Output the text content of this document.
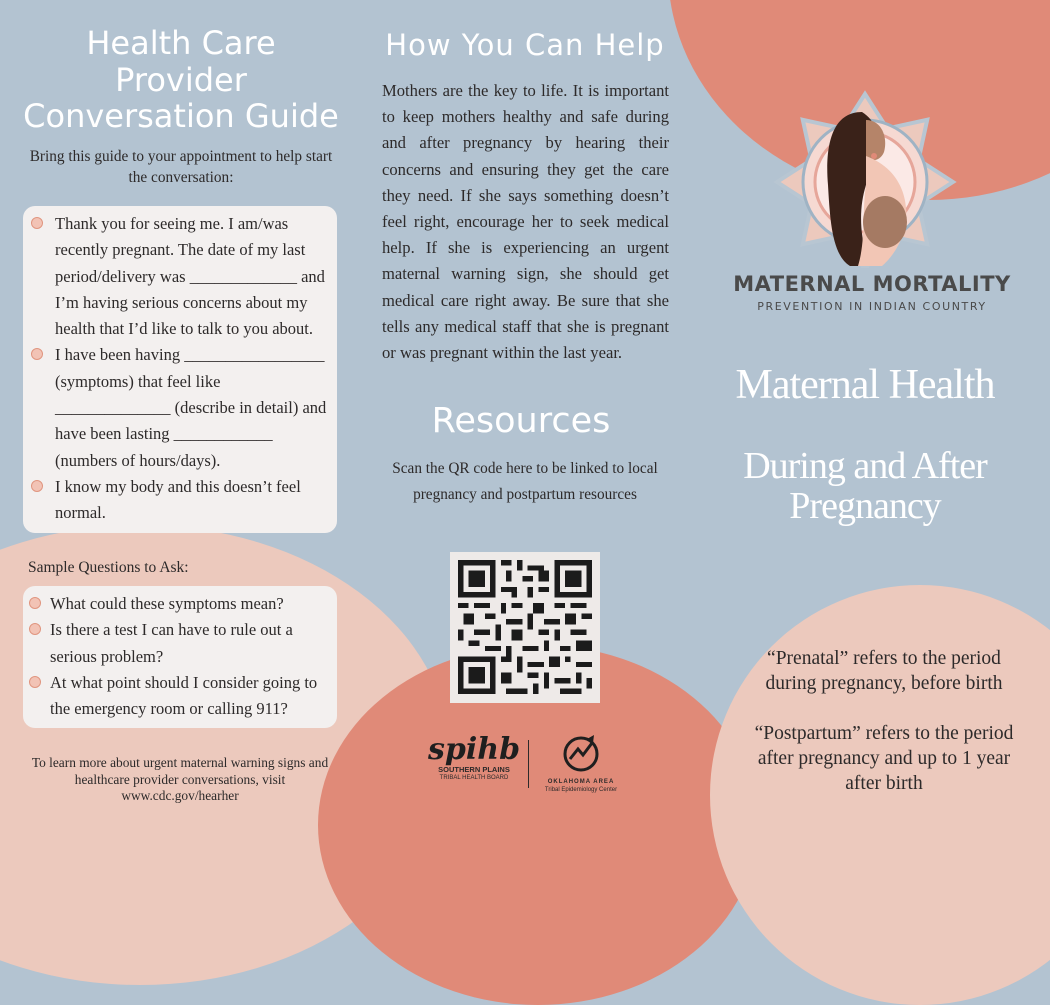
Health Care Provider Conversation Guide

Bring this guide to your appointment to help start the conversation:

Thank you for seeing me. I am/was recently pregnant. The date of my last period/delivery was _____________ and I’m having serious concerns about my health that I’d like to talk to you about.
I have been having _________________ (symptoms) that feel like ______________ (describe in detail) and have been lasting ____________ (numbers of hours/days).
I know my body and this doesn’t feel normal.

Sample Questions to Ask:

What could these symptoms mean?
Is there a test I can have to rule out a serious problem?
At what point should I consider going to the emergency room or calling 911?

To learn more about urgent maternal warning signs and healthcare provider conversations, visit www.cdc.gov/hearher

How You Can Help

Mothers are the key to life. It is important to keep mothers healthy and safe during and after pregnancy by hearing their concerns and ensuring they get the care they need. If she says something doesn’t feel right, encourage her to seek medical help. If she is experiencing an urgent maternal warning sign, she should get medical care right away. Be sure that she tells any medical staff that she is pregnant or was pregnant within the last year.

Resources

Scan the QR code here to be linked to local pregnancy and postpartum resources

spihb
SOUTHERN PLAINS
TRIBAL HEALTH BOARD
OKLAHOMA AREA
Tribal Epidemiology Center
MATERNAL MORTALITY
PREVENTION IN INDIAN COUNTRY
Maternal Health
During and After Pregnancy

“Prenatal” refers to the period during pregnancy, before birth

“Postpartum” refers to the period after pregnancy and up to 1 year after birth
